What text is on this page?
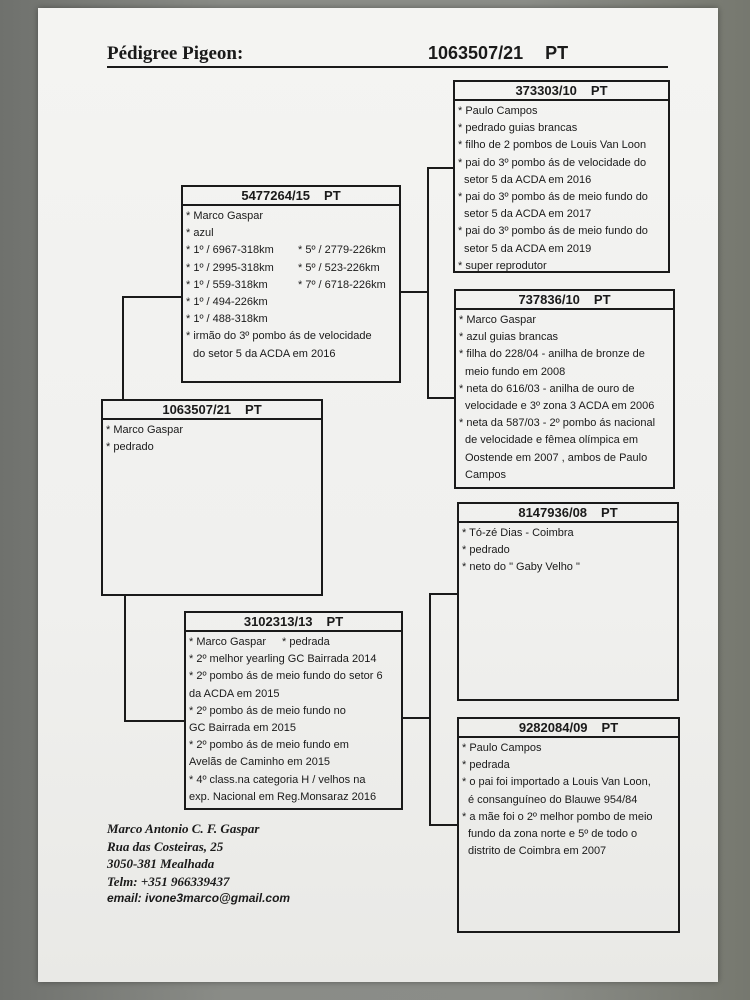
Pédigree Pigeon:	1063507/21 PT
1063507/21 PT
* Marco Gaspar
* pedrado
5477264/15 PT
* Marco Gaspar
* azul
* 1º / 6967-318km
* 1º / 2995-318km
* 1º / 559-318km
* 1º / 494-226km
* 1º / 488-318km
* 5º / 2779-226km
* 5º / 523-226km
* 7º / 6718-226km
* irmão do 3º pombo ás de velocidade
do setor 5 da ACDA em 2016
3102313/13 PT
* Marco Gaspar * pedrada
* 2º melhor yearling GC Bairrada 2014
* 2º pombo ás de meio fundo do setor 6
da ACDA em 2015
* 2º pombo ás de meio fundo no
GC Bairrada em 2015
* 2º pombo ás de meio fundo em
Avelãs de Caminho em 2015
* 4º class.na categoria H / velhos na
exp. Nacional em Reg.Monsaraz 2016
373303/10 PT
* Paulo Campos
* pedrado guias brancas
* filho de 2 pombos de Louis Van Loon
* pai do 3º pombo ás de velocidade do
setor 5 da ACDA em 2016
* pai do 3º pombo ás de meio fundo do
setor 5 da ACDA em 2017
* pai do 3º pombo ás de meio fundo do
setor 5 da ACDA em 2019
* super reprodutor
737836/10 PT
* Marco Gaspar
* azul guias brancas
* filha do 228/04 - anilha de bronze de
meio fundo em 2008
* neta do 616/03 - anilha de ouro de
velocidade e 3º zona 3 ACDA em 2006
* neta da 587/03 - 2º pombo ás nacional
de velocidade e fêmea olímpica em
Oostende em 2007 , ambos de Paulo
Campos
8147936/08 PT
* Tó-zé Dias - Coimbra
* pedrado
* neto do " Gaby Velho "
9282084/09 PT
* Paulo Campos
* pedrada
* o pai foi importado a Louis Van Loon,
é consanguíneo do Blauwe 954/84
* a mãe foi o 2º melhor pombo de meio
fundo da zona norte e 5º de todo o
distrito de Coimbra em 2007
Marco Antonio C. F. Gaspar
Rua das Costeiras, 25
3050-381 Mealhada
Telm: +351 966339437
email: ivone3marco@gmail.com
